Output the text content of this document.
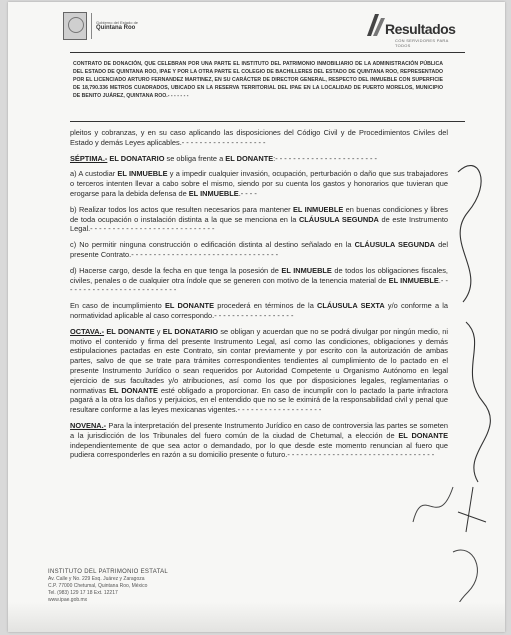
Gobierno del Estado de
Quintana Roo	Resultados
CON SERVIDORES PARA TODOS
CONTRATO DE DONACIÓN, QUE CELEBRAN POR UNA PARTE EL INSTITUTO DEL PATRIMONIO INMOBILIARIO DE LA ADMINISTRACIÓN PÚBLICA DEL ESTADO DE QUINTANA ROO, IPAE Y POR LA OTRA PARTE EL COLEGIO DE BACHILLERES DEL ESTADO DE QUINTANA ROO, REPRESENTADO POR EL LICENCIADO ARTURO FERNANDEZ MARTINEZ, EN SU CARÁCTER DE DIRECTOR GENERAL, RESPECTO DEL INMUEBLE CON SUPERFICIE DE 18,790.336 METROS CUADRADOS, UBICADO EN LA RESERVA TERRITORIAL DEL IPAE EN LA LOCALIDAD DE PUERTO MORELOS, MUNICIPIO DE BENITO JUÁREZ, QUINTANA ROO.- - - - - - -

pleitos y cobranzas, y en su caso aplicando las disposiciones del Código Civil y de Procedimientos Civiles del Estado y demás Leyes aplicables.- - - - - - - - - - - - - - - - - - -

SÉPTIMA.- EL DONATARIO se obliga frente a EL DONANTE:- - - - - - - - - - - - - - - - - - - - - - -

a) A custodiar EL INMUEBLE y a impedir cualquier invasión, ocupación, perturbación o daño que sus trabajadores o terceros intenten llevar a cabo sobre el mismo, siendo por su cuenta los gastos y honorarios que tuvieran que erogarse para la debida defensa de EL INMUEBLE.- - - -

b) Realizar todos los actos que resulten necesarios para mantener EL INMUEBLE en buenas condiciones y libres de toda ocupación o instalación distinta a la que se menciona en la CLÁUSULA SEGUNDA de este Instrumento Legal.- - - - - - - - - - - - - - - - - - - - - - - - - - - -

c) No permitir ninguna construcción o edificación distinta al destino señalado en la CLÁUSULA SEGUNDA del presente Contrato.- - - - - - - - - - - - - - - - - - - - - - - - - - - - - - - - -

d) Hacerse cargo, desde la fecha en que tenga la posesión de EL INMUEBLE de todos los obligaciones fiscales, civiles, penales o de cualquier otra índole que se generen con motivo de la tenencia material de EL INMUEBLE.- - - - - - - - - - - - - - - - - - - - - - - - - -

En caso de incumplimiento EL DONANTE procederá en términos de la CLÁUSULA SEXTA y/o conforme a la normatividad aplicable al caso correspondo.- - - - - - - - - - - - - - - - - -

OCTAVA.- EL DONANTE y EL DONATARIO se obligan y acuerdan que no se podrá divulgar por ningún medio, ni motivo el contenido y firma del presente Instrumento Legal, así como las condiciones, obligaciones y demás estipulaciones pactadas en este Contrato, sin contar previamente y por escrito con la autorización de ambas partes, salvo de que se trate para trámites correspondientes tendientes al cumplimiento de lo pactado en el presente Instrumento Jurídico o sean requeridos por Autoridad Competente u Organismo Autónomo en legal ejercicio de sus facultades y/o atribuciones, así como los que por disposiciones legales, reglamentarias o normativas EL DONANTE esté obligado a proporcionar. En caso de incumplir con lo pactado la parte infractora pagará a la otra los daños y perjuicios, en el entendido que no se le eximirá de la responsabilidad civil y penal que resultare conforme a las leyes mexicanas vigentes.- - - - - - - - - - - - - - - - - - -

NOVENA.- Para la interpretación del presente Instrumento Jurídico en caso de controversia las partes se someten a la jurisdicción de los Tribunales del fuero común de la ciudad de Chetumal, a elección de EL DONANTE independientemente de que sea actor o demandado, por lo que desde este momento renuncian al fuero que pudiera corresponderles en razón a su domicilio presente o futuro.- - - - - - - - - - - - - - - - - - - - - - - - - - - - - - - - -

INSTITUTO DEL PATRIMONIO ESTATAL
Av. Calle y No. 229 Esq. Juárez y Zaragoza
C.P. 77000 Chetumal, Quintana Roo, México
Tel. (983) 129 17 18 Ext. 12217
www.ipae.gob.mx
